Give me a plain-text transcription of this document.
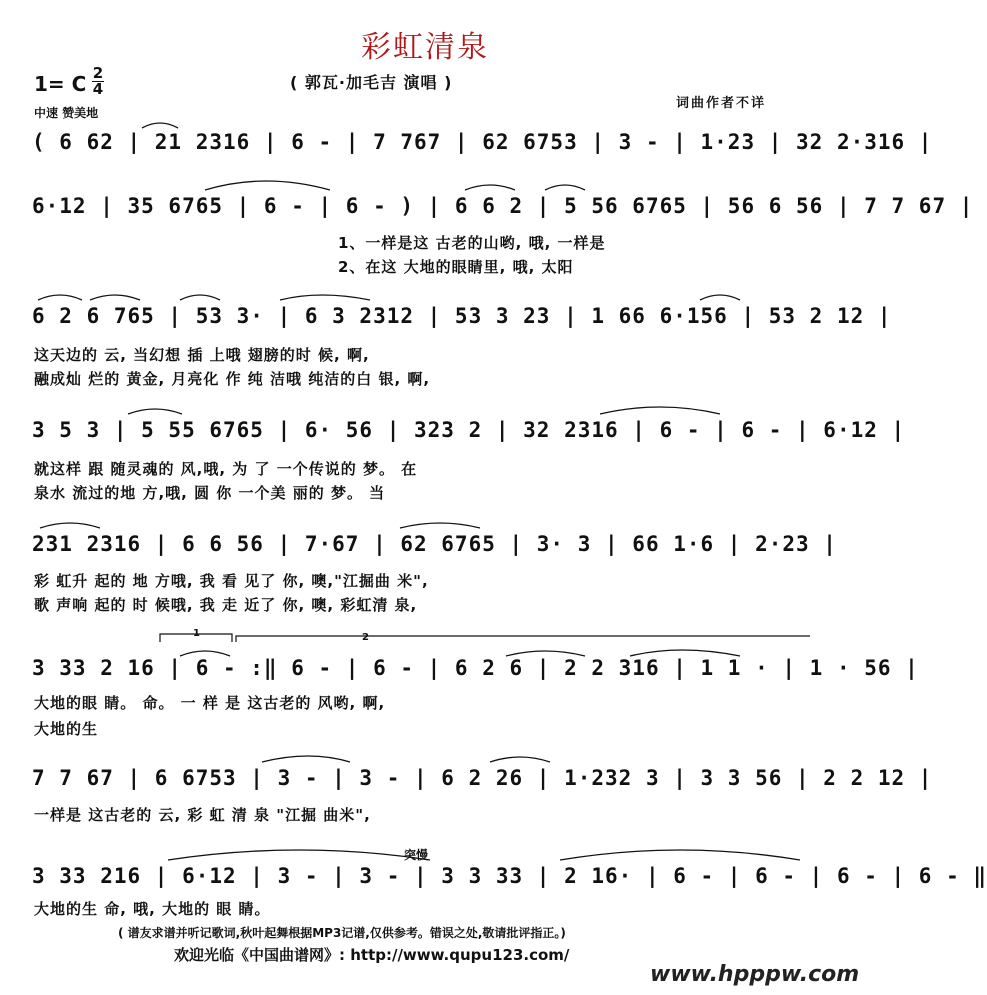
彩虹清泉
( 郭瓦·加毛吉 演唱 )
1= C 2
4
中速 赞美地
词曲作者不详
( 6 62 | 21 2316 | 6 - | 7 767 | 62 6753 | 3 - | 1·23 | 32 2·316 |
6·12 | 35 6765 | 6 - | 6 - ) | 6 6 2 | 5 56 6765 | 56 6 56 | 7 7 67 |
1、一样是这 古老的山哟, 哦, 一样是
2、在这 大地的眼睛里, 哦, 太阳
6 2 6 765 | 53 3· | 6 3 2312 | 53 3 23 | 1 66 6·156 | 53 2 12 |
这天边的 云, 当幻想 插 上哦 翅膀的时 候, 啊,
融成灿 烂的 黄金, 月亮化 作 纯 洁哦 纯洁的白 银, 啊,
3 5 3 | 5 55 6765 | 6· 56 | 323 2 | 32 2316 | 6 - | 6 - | 6·12 |
就这样 跟 随灵魂的 风,哦, 为 了 一个传说的 梦。 在
泉水 流过的地 方,哦, 圆 你 一个美 丽的 梦。 当
231 2316 | 6 6 56 | 7·67 | 62 6765 | 3· 3 | 66 1·6 | 2·23 |
彩 虹升 起的 地 方哦, 我 看 见了 你, 噢,"江掘曲 米",
歌 声响 起的 时 候哦, 我 走 近了 你, 噢, 彩虹清 泉,
1	2
3 33 2 16 | 6 - :‖ 6 - | 6 - | 6 2 6 | 2 2 316 | 1 1 · | 1 · 56 |
大地的眼 睛。 命。 一 样 是 这古老的 风哟, 啊,
大地的生
7 7 67 | 6 6753 | 3 - | 3 - | 6 2 26 | 1·232 3 | 3 3 56 | 2 2 12 |
一样是 这古老的 云, 彩 虹 清 泉 "江掘 曲米",
突慢
3 33 216 | 6·12 | 3 - | 3 - | 3 3 33 | 2 16· | 6 - | 6 - | 6 - | 6 - ‖
大地的生 命, 哦, 大地的 眼 睛。
( 谱友求谱并听记歌词,秋叶起舞根据MP3记谱,仅供参考。错误之处,敬请批评指正。)
欢迎光临《中国曲谱网》: http://www.qupu123.com/
www.hpppw.com
